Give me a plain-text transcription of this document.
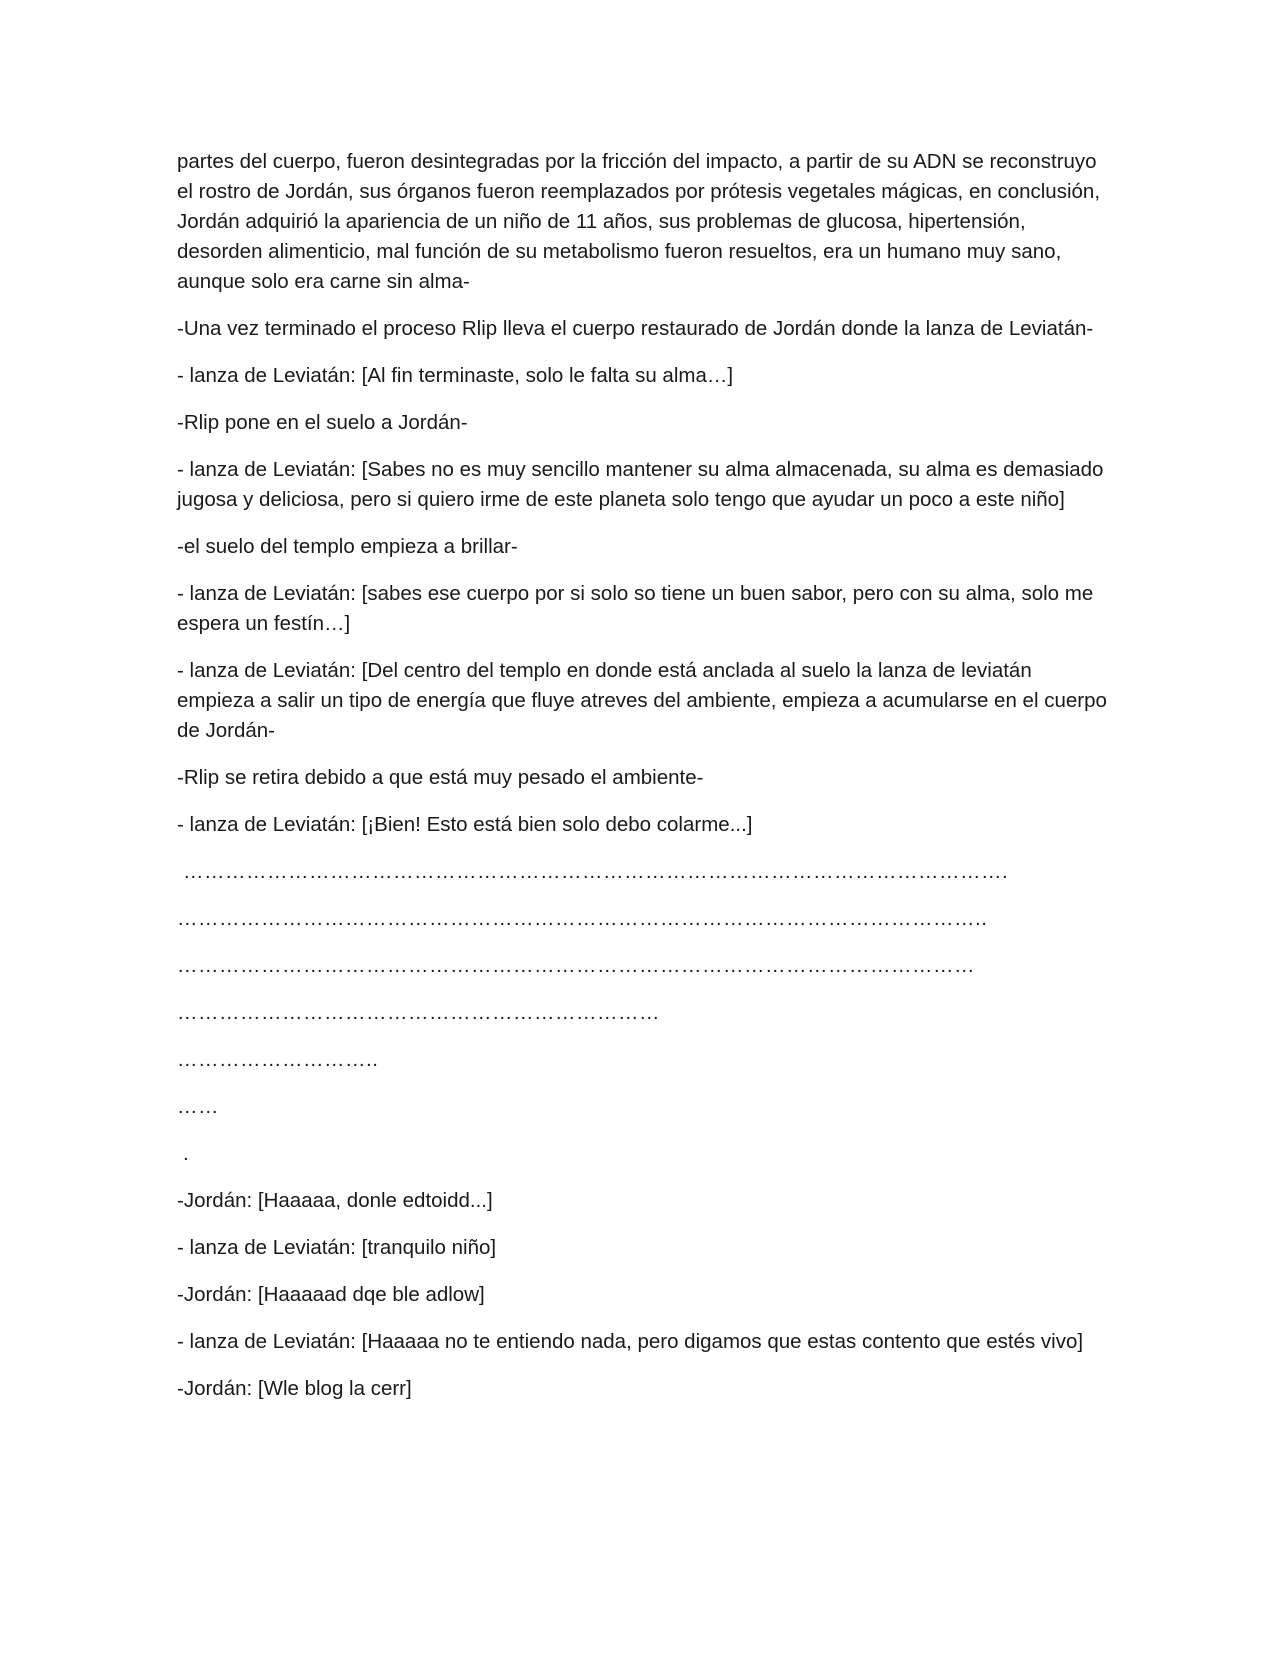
partes del cuerpo, fueron desintegradas por la fricción del impacto, a partir de su ADN se reconstruyo el rostro de Jordán, sus órganos fueron reemplazados por prótesis vegetales mágicas, en conclusión, Jordán adquirió la apariencia de un niño de 11 años, sus problemas de glucosa, hipertensión, desorden alimenticio, mal función de su metabolismo fueron resueltos, era un humano muy sano, aunque solo era carne sin alma-

-Una vez terminado el proceso Rlip lleva el cuerpo restaurado de Jordán donde la lanza de Leviatán-

- lanza de Leviatán: [Al fin terminaste, solo le falta su alma…]

-Rlip pone en el suelo a Jordán-

- lanza de Leviatán: [Sabes no es muy sencillo mantener su alma almacenada, su alma es demasiado jugosa y deliciosa, pero si quiero irme de este planeta solo tengo que ayudar un poco a este niño]

-el suelo del templo empieza a brillar-

- lanza de Leviatán: [sabes ese cuerpo por si solo so tiene un buen sabor, pero con su alma, solo me espera un festín…]

- lanza de Leviatán: [Del centro del templo en donde está anclada al suelo la lanza de leviatán empieza a salir un tipo de energía que fluye atreves del ambiente, empieza a acumularse en el cuerpo de Jordán-

-Rlip se retira debido a que está muy pesado el ambiente-

- lanza de Leviatán: [¡Bien! Esto está bien solo debo colarme...]

……………………………………………………………………………………………………….

……………………………………………………………………………………………………..

……………………………………………………………………………………………………

……………………………………………………………

………………………..

……

.

-Jordán: [Haaaaa, donle edtoidd...]

- lanza de Leviatán: [tranquilo niño]

-Jordán: [Haaaaad dqe ble adlow]

- lanza de Leviatán: [Haaaaa no te entiendo nada, pero digamos que estas contento que estés vivo]

-Jordán: [Wle blog la cerr]
